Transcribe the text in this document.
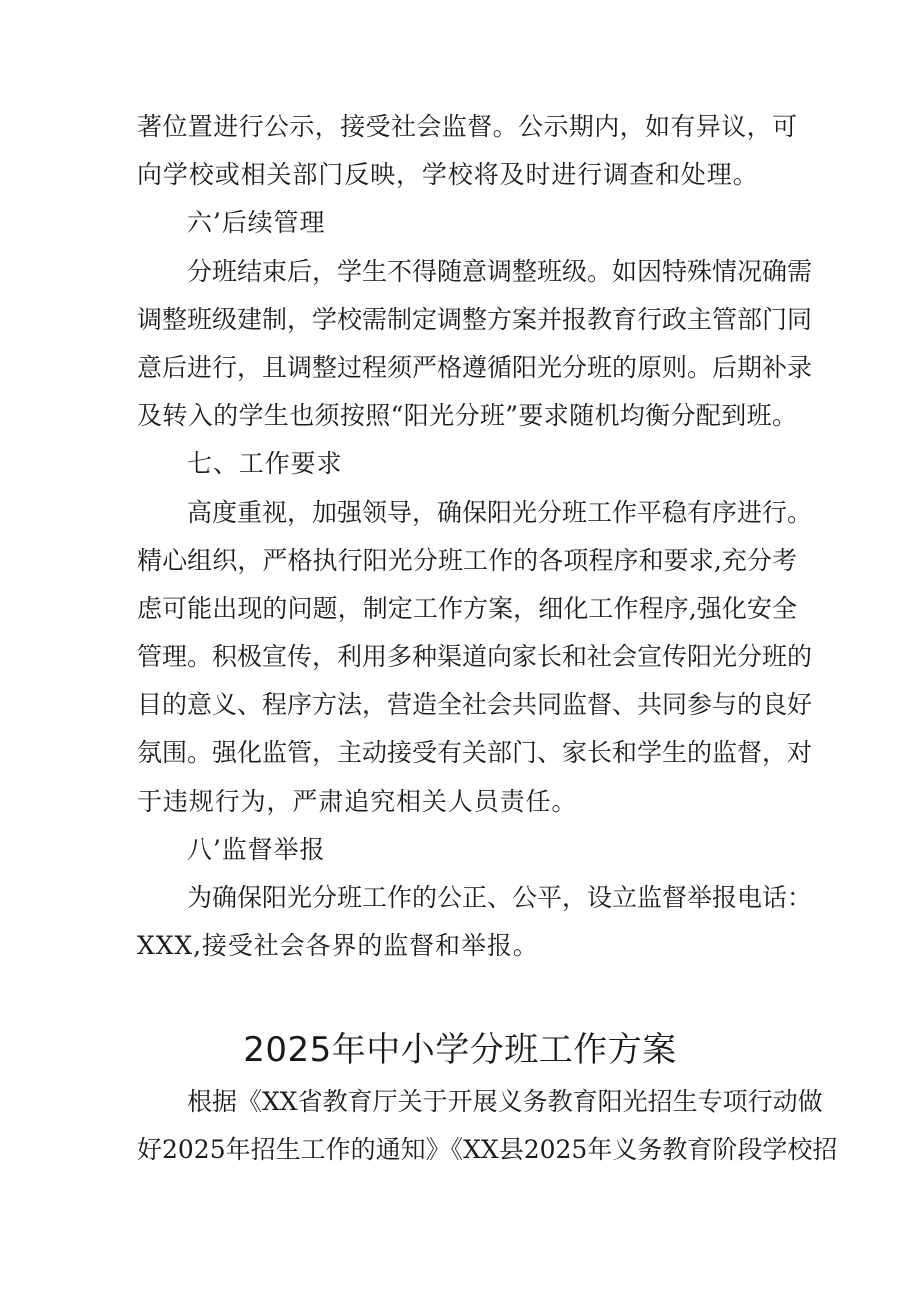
著位置进行公示，接受社会监督。公示期内，如有异议，可
向学校或相关部门反映，学校将及时进行调查和处理。
六’后续管理
分班结束后，学生不得随意调整班级。如因特殊情况确需
调整班级建制，学校需制定调整方案并报教育行政主管部门同
意后进行，且调整过程须严格遵循阳光分班的原则。后期补录
及转入的学生也须按照“阳光分班”要求随机均衡分配到班。
七、工作要求
高度重视，加强领导，确保阳光分班工作平稳有序进行。
精心组织，严格执行阳光分班工作的各项程序和要求,充分考
虑可能出现的问题，制定工作方案，细化工作程序,强化安全
管理。积极宣传，利用多种渠道向家长和社会宣传阳光分班的
目的意义、程序方法，营造全社会共同监督、共同参与的良好
氛围。强化监管，主动接受有关部门、家长和学生的监督，对
于违规行为，严肃追究相关人员责任。
八’监督举报
为确保阳光分班工作的公正、公平，设立监督举报电话：
XXX,接受社会各界的监督和举报。
2025年中小学分班工作方案
根据《XX省教育厅关于开展义务教育阳光招生专项行动做
好2025年招生工作的通知》《XX县2025年义务教育阶段学校招
